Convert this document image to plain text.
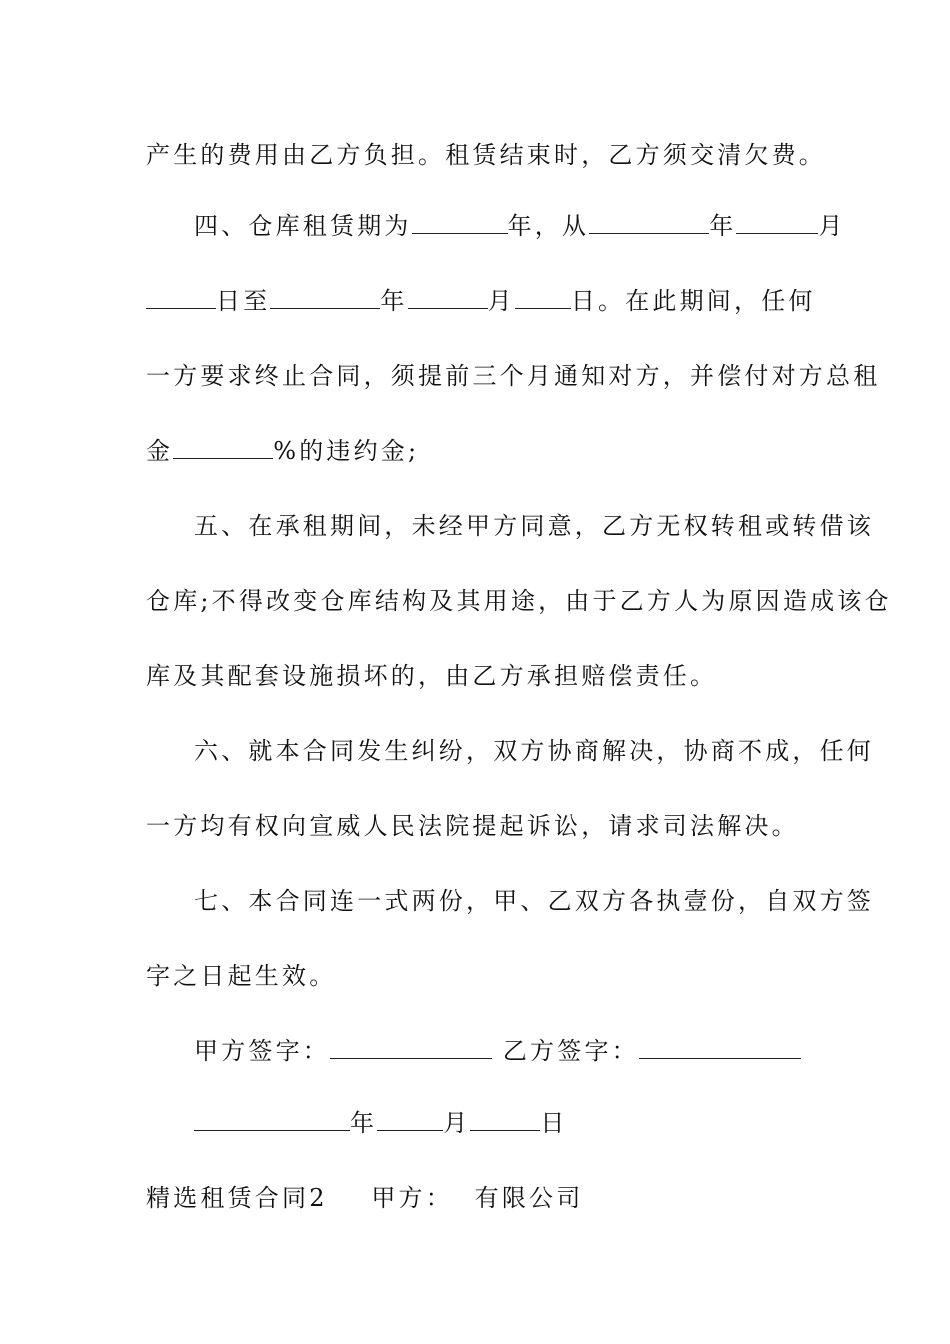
产生的费用由乙方负担。租赁结束时，乙方须交清欠费。
四、仓库租赁期为	年，从	年	月
日至	年	月 日。在此期间，任何
一方要求终止合同，须提前三个月通知对方，并偿付对方总租
金	%的违约金;
五、在承租期间，未经甲方同意，乙方无权转租或转借该
仓库;不得改变仓库结构及其用途，由于乙方人为原因造成该仓
库及其配套设施损坏的，由乙方承担赔偿责任。
六、就本合同发生纠纷，双方协商解决，协商不成，任何
一方均有权向宣威人民法院提起诉讼，请求司法解决。
七、本合同连一式两份，甲、乙双方各执壹份，自双方签
字之日起生效。
甲方签字：	乙方签字：
年	月	日
精选租赁合同2 甲方：  有限公司
